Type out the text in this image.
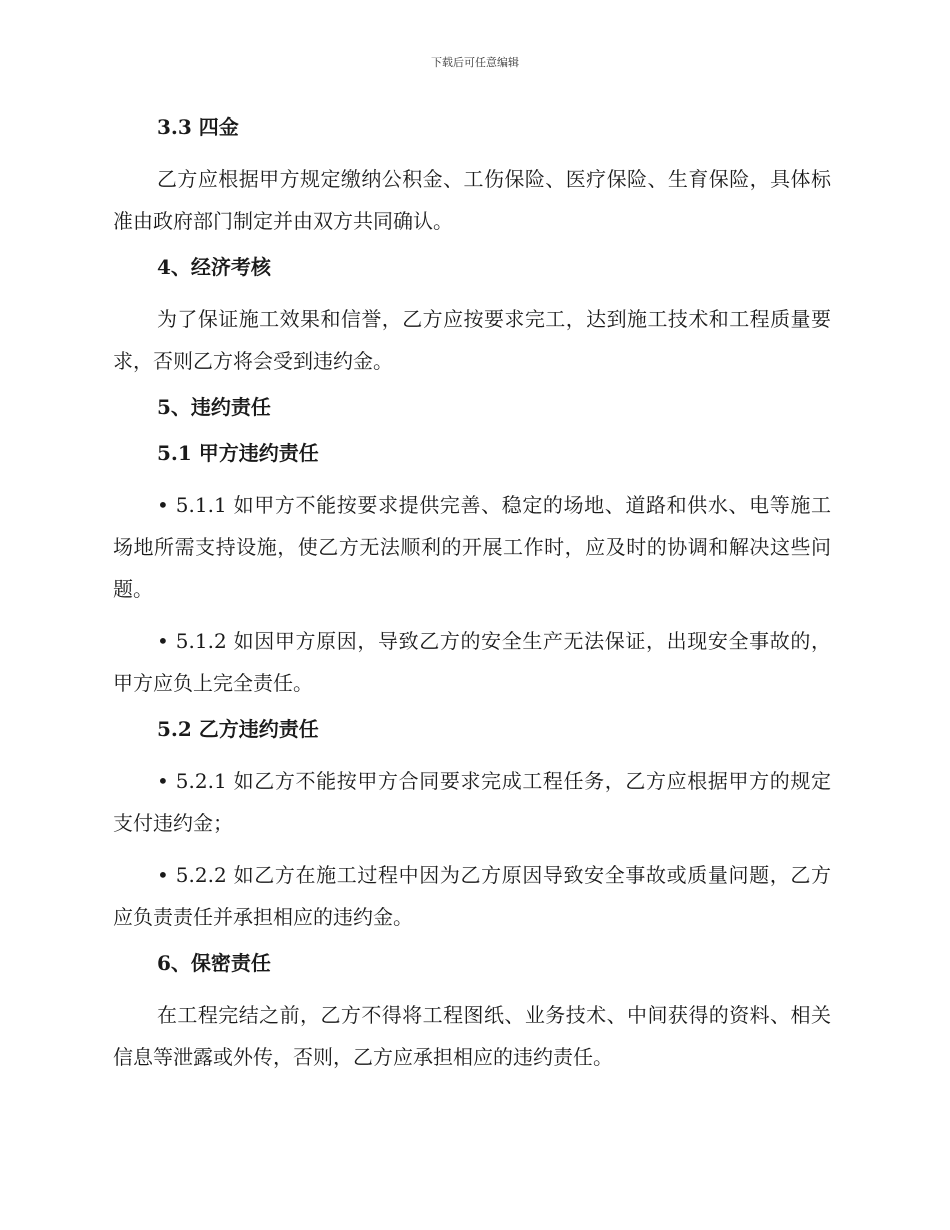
下载后可任意编辑
3.3 四金
乙方应根据甲方规定缴纳公积金、工伤保险、医疗保险、生育保险，具体标准由政府部门制定并由双方共同确认。
4、经济考核
为了保证施工效果和信誉，乙方应按要求完工，达到施工技术和工程质量要求，否则乙方将会受到违约金。
5、违约责任
5.1 甲方违约责任
• 5.1.1 如甲方不能按要求提供完善、稳定的场地、道路和供水、电等施工场地所需支持设施，使乙方无法顺利的开展工作时，应及时的协调和解决这些问题。
• 5.1.2 如因甲方原因，导致乙方的安全生产无法保证，出现安全事故的，甲方应负上完全责任。
5.2 乙方违约责任
• 5.2.1 如乙方不能按甲方合同要求完成工程任务，乙方应根据甲方的规定支付违约金；
• 5.2.2 如乙方在施工过程中因为乙方原因导致安全事故或质量问题，乙方应负责责任并承担相应的违约金。
6、保密责任
在工程完结之前，乙方不得将工程图纸、业务技术、中间获得的资料、相关信息等泄露或外传，否则，乙方应承担相应的违约责任。
